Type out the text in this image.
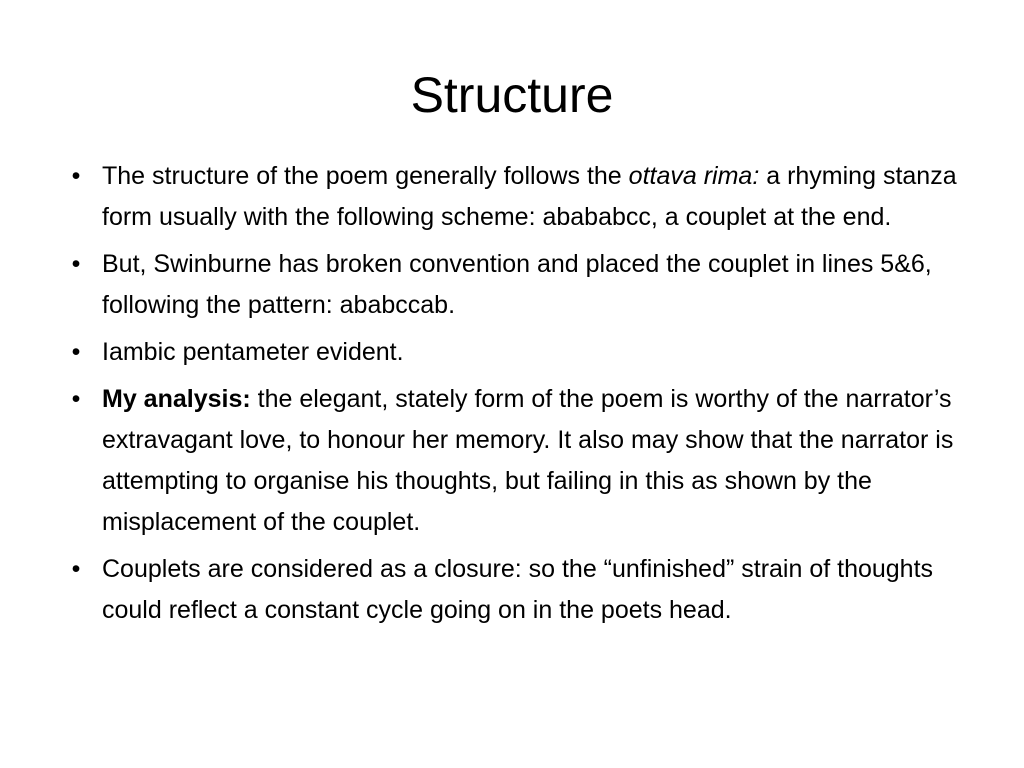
Structure
• The structure of the poem generally follows the ottava rima: a rhyming stanza form usually with the following scheme: abababcc, a couplet at the end.
• But, Swinburne has broken convention and placed the couplet in lines 5&6, following the pattern: ababccab.
• Iambic pentameter evident.
• My analysis: the elegant, stately form of the poem is worthy of the narrator’s extravagant love, to honour her memory. It also may show that the narrator is attempting to organise his thoughts, but failing in this as shown by the misplacement of the couplet.
• Couplets are considered as a closure: so the “unfinished” strain of thoughts could reflect a constant cycle going on in the poets head.
